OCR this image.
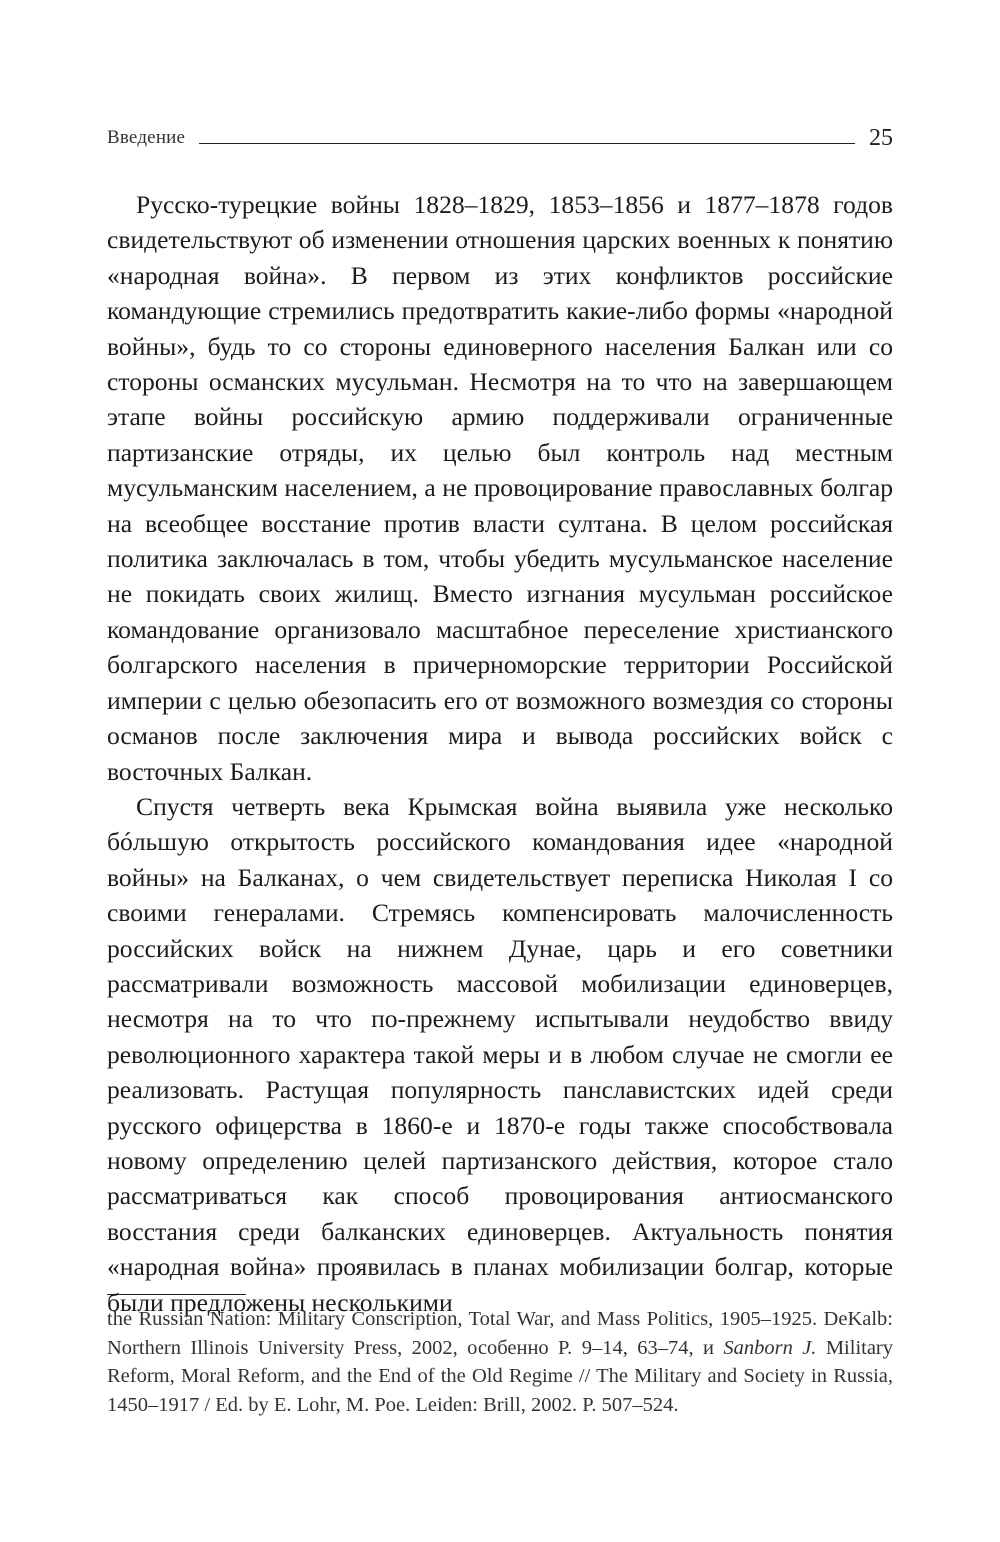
Введение	25

Русско-турецкие войны 1828–1829, 1853–1856 и 1877–1878 годов свидетельствуют об изменении отношения царских военных к понятию «народная война». В первом из этих конфликтов российские командующие стремились предотвратить какие-либо формы «народной войны», будь то со стороны единоверного населения Балкан или со стороны османских мусульман. Несмотря на то что на завершающем этапе войны российскую армию поддерживали ограниченные партизанские отряды, их целью был контроль над местным мусульманским населением, а не провоцирование православных болгар на всеобщее восстание против власти султана. В целом российская политика заключалась в том, чтобы убедить мусульманское население не покидать своих жилищ. Вместо изгнания мусульман российское командование организовало масштабное переселение христианского болгарского населения в причерноморские территории Российской империи с целью обезопасить его от возможного возмездия со стороны османов после заключения мира и вывода российских войск с восточных Балкан.

Спустя четверть века Крымская война выявила уже несколько бóльшую открытость российского командования идее «народной войны» на Балканах, о чем свидетельствует переписка Николая I со своими генералами. Стремясь компенсировать малочисленность российских войск на нижнем Дунае, царь и его советники рассматривали возможность массовой мобилизации единоверцев, несмотря на то что по-прежнему испытывали неудобство ввиду революционного характера такой меры и в любом случае не смогли ее реализовать. Растущая популярность панславистских идей среди русского офицерства в 1860-е и 1870-е годы также способствовала новому определению целей партизанского действия, которое стало рассматриваться как способ провоцирования антиосманского восстания среди балканских единоверцев. Актуальность понятия «народная война» проявилась в планах мобилизации болгар, которые были предложены несколькими

the Russian Nation: Military Conscription, Total War, and Mass Politics, 1905–1925. DeKalb: Northern Illinois University Press, 2002, особенно P. 9–14, 63–74, и Sanborn J. Military Reform, Moral Reform, and the End of the Old Regime // The Military and Society in Russia, 1450–1917 / Ed. by E. Lohr, M. Poe. Leiden: Brill, 2002. P. 507–524.
